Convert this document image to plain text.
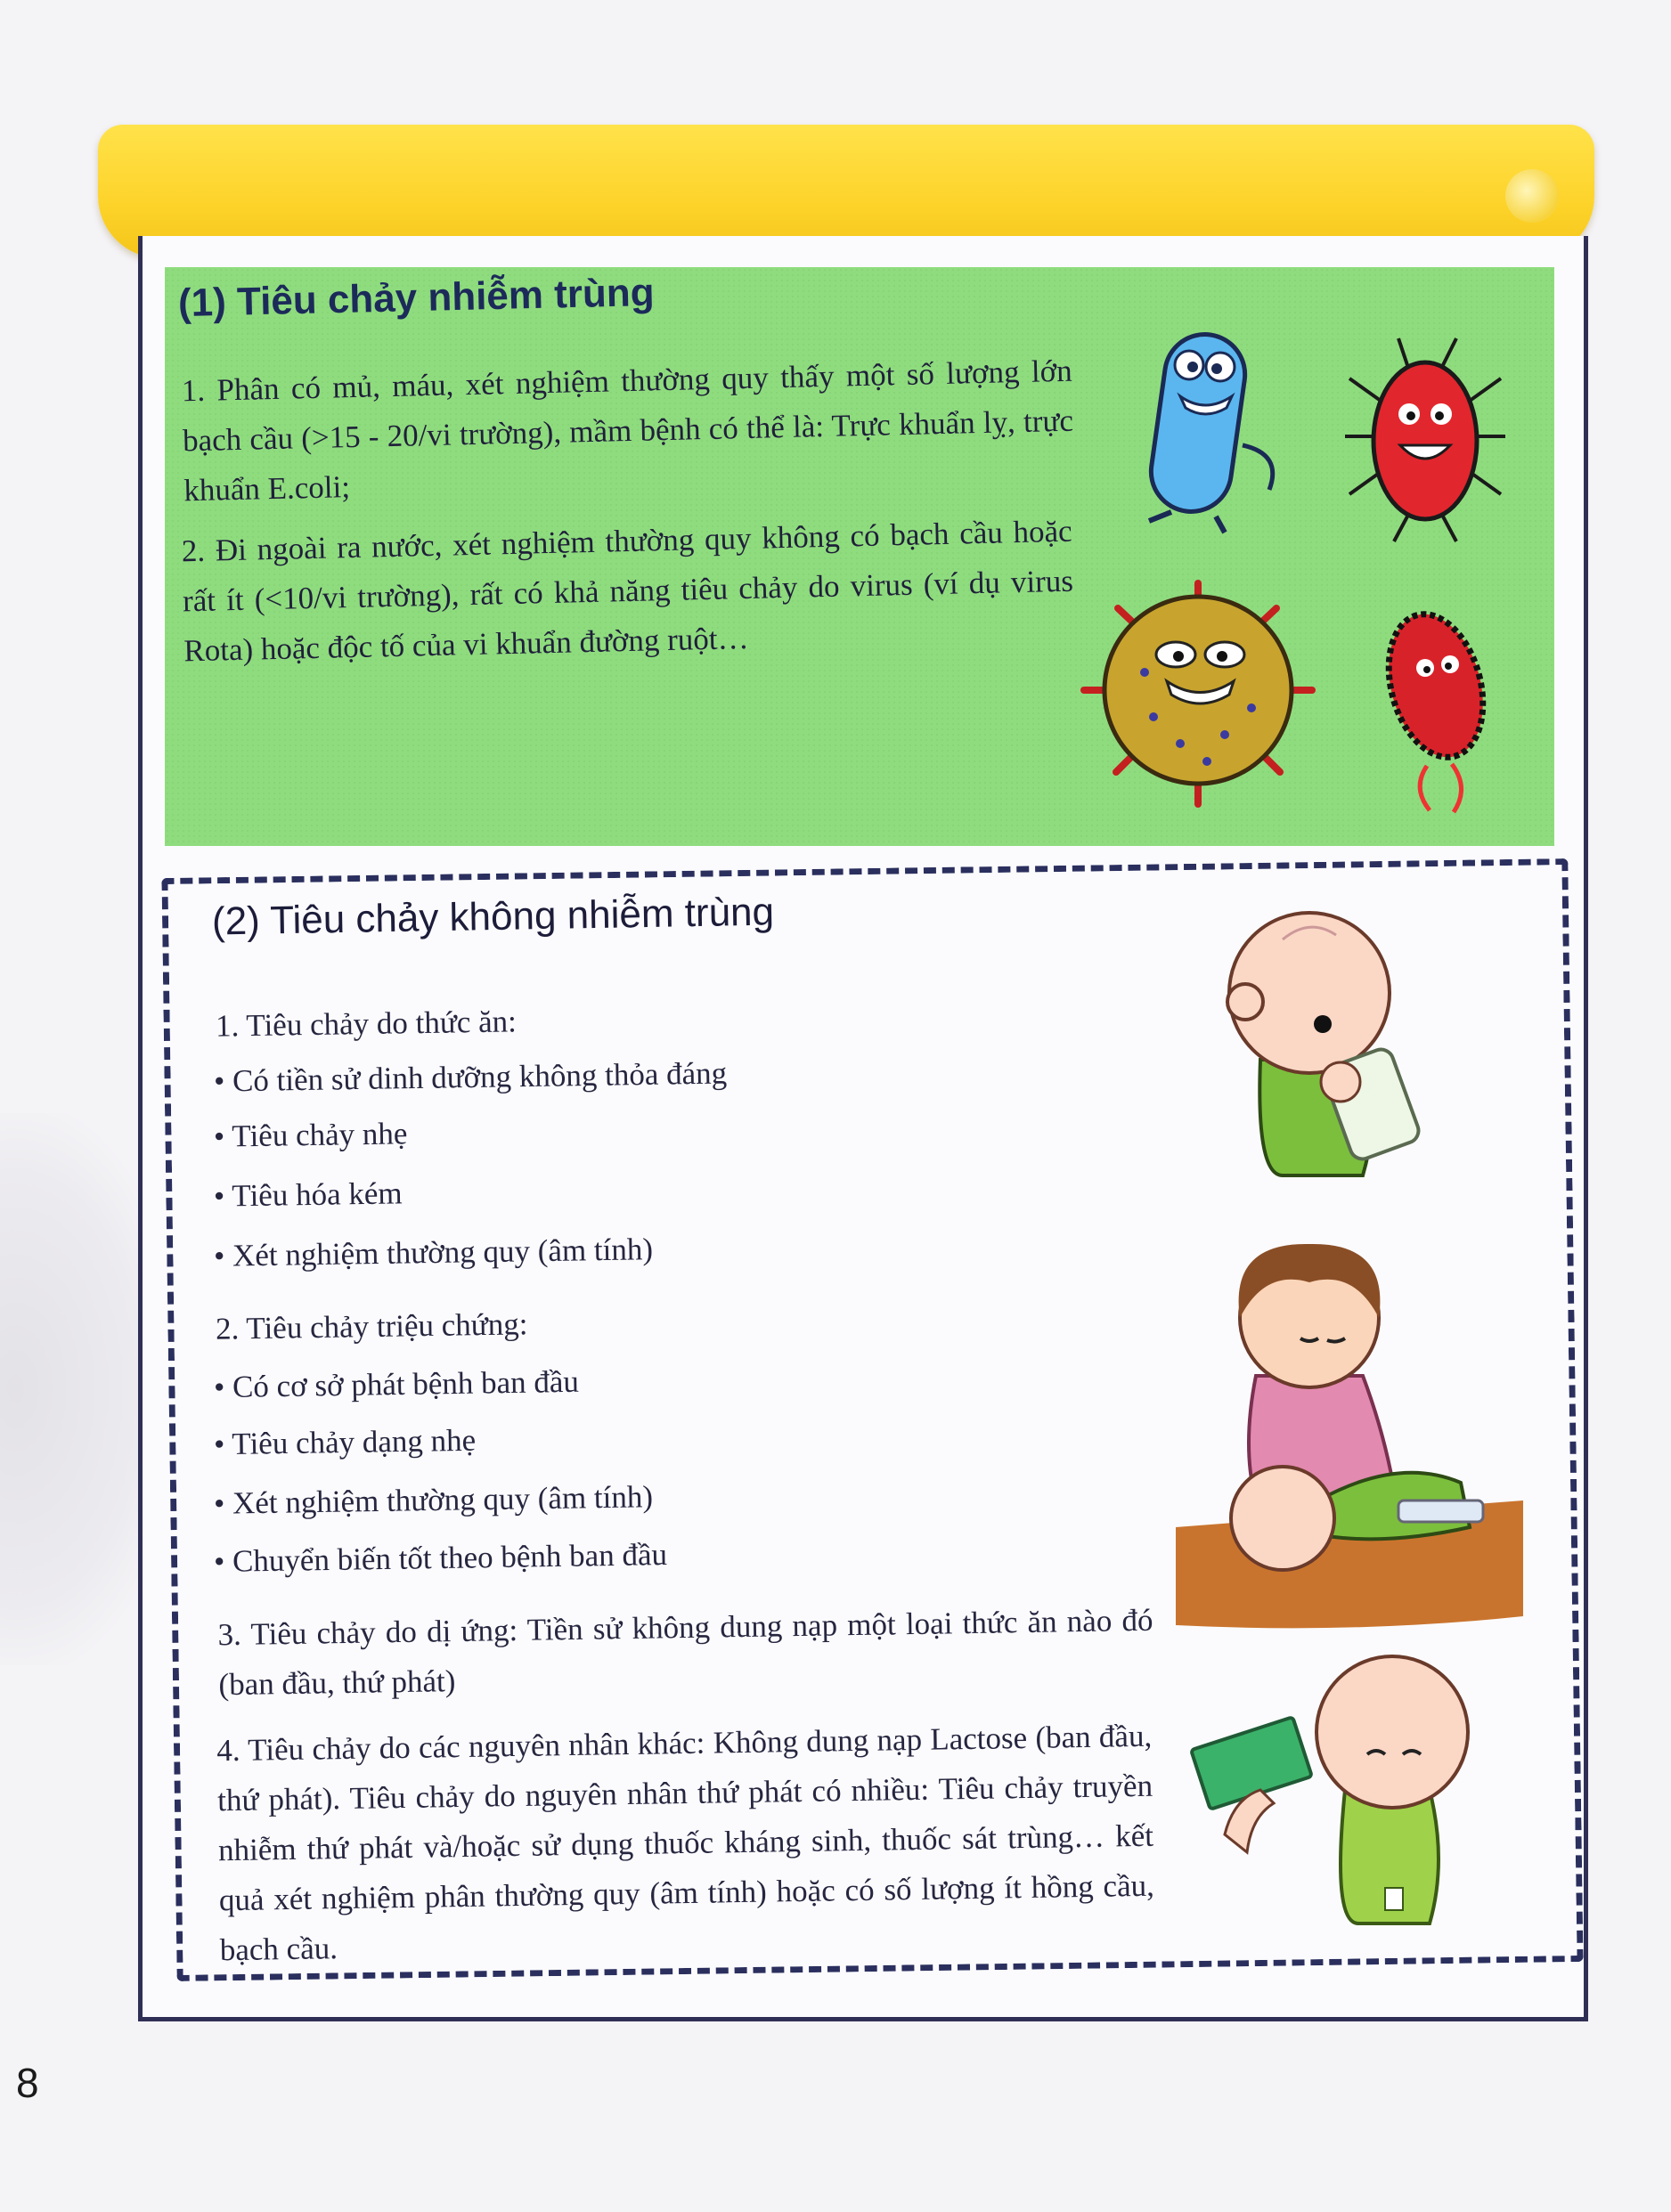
(1) Tiêu chảy nhiễm trùng
1. Phân có mủ, máu, xét nghiệm thường quy thấy một số lượng lớn bạch cầu (>15 - 20/vi trường), mầm bệnh có thể là: Trực khuẩn lỵ, trực khuẩn E.coli;
2. Đi ngoài ra nước, xét nghiệm thường quy không có bạch cầu hoặc rất ít (<10/vi trường), rất có khả năng tiêu chảy do virus (ví dụ virus Rota) hoặc độc tố của vi khuẩn đường ruột…
(2) Tiêu chảy không nhiễm trùng
1. Tiêu chảy do thức ăn:
• Có tiền sử dinh dưỡng không thỏa đáng
• Tiêu chảy nhẹ
• Tiêu hóa kém
• Xét nghiệm thường quy (âm tính)
2. Tiêu chảy triệu chứng:
• Có cơ sở phát bệnh ban đầu
• Tiêu chảy dạng nhẹ
• Xét nghiệm thường quy (âm tính)
• Chuyển biến tốt theo bệnh ban đầu
3. Tiêu chảy do dị ứng: Tiền sử không dung nạp một loại thức ăn nào đó (ban đầu, thứ phát)
4. Tiêu chảy do các nguyên nhân khác: Không dung nạp Lactose (ban đầu, thứ phát). Tiêu chảy do nguyên nhân thứ phát có nhiều: Tiêu chảy truyền nhiễm thứ phát và/hoặc sử dụng thuốc kháng sinh, thuốc sát trùng… kết quả xét nghiệm phân thường quy (âm tính) hoặc có số lượng ít hồng cầu, bạch cầu.
8
